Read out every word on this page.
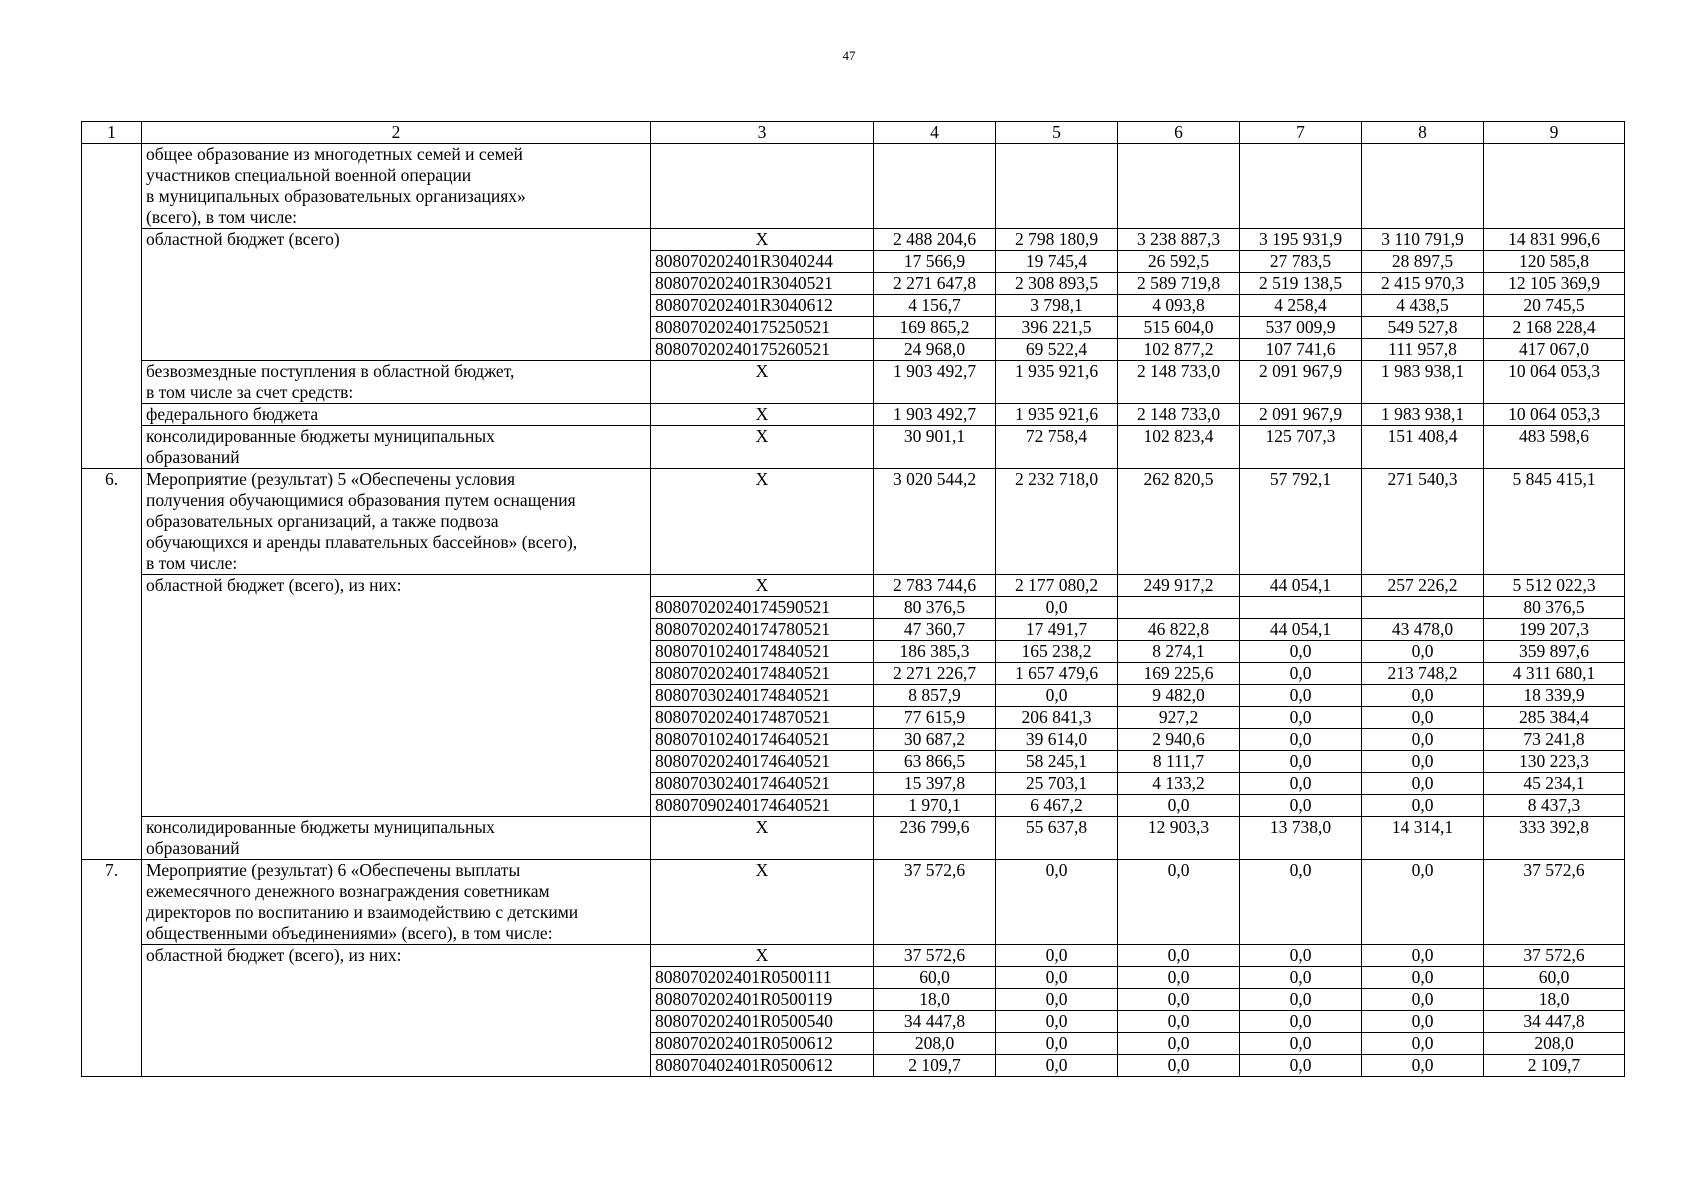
47
1	2	3	4	5	6	7	8	9

	общее образование из многодетных семей и семей
участников специальной военной операции
в муниципальных образовательных организациях»
(всего), в том числе:							

	областной бюджет (всего)	X	2 488 204,6	2 798 180,9	3 238 887,3	3 195 931,9	3 110 791,9	14 831 996,6
		808070202401R3040244	17 566,9	19 745,4	26 592,5	27 783,5	28 897,5	120 585,8
		808070202401R3040521	2 271 647,8	2 308 893,5	2 589 719,8	2 519 138,5	2 415 970,3	12 105 369,9
		808070202401R3040612	4 156,7	3 798,1	4 093,8	4 258,4	4 438,5	20 745,5
		80807020240175250521	169 865,2	396 221,5	515 604,0	537 009,9	549 527,8	2 168 228,4
		80807020240175260521	24 968,0	69 522,4	102 877,2	107 741,6	111 957,8	417 067,0

	безвозмездные поступления в областной бюджет,
в том числе за счет средств:	X	1 903 492,7	1 935 921,6	2 148 733,0	2 091 967,9	1 983 938,1	10 064 053,3

	федерального бюджета	X	1 903 492,7	1 935 921,6	2 148 733,0	2 091 967,9	1 983 938,1	10 064 053,3

	консолидированные бюджеты муниципальных
образований	X	30 901,1	72 758,4	102 823,4	125 707,3	151 408,4	483 598,6
6.	Мероприятие (результат) 5 «Обеспечены условия
получения обучающимися образования путем оснащения
образовательных организаций, а также подвоза
обучающихся и аренды плавательных бассейнов» (всего),
в том числе:	X	3 020 544,2	2 232 718,0	262 820,5	57 792,1	271 540,3	5 845 415,1

	областной бюджет (всего), из них:	X	2 783 744,6	2 177 080,2	249 917,2	44 054,1	257 226,2	5 512 022,3
		80807020240174590521	80 376,5	0,0				80 376,5
		80807020240174780521	47 360,7	17 491,7	46 822,8	44 054,1	43 478,0	199 207,3
		80807010240174840521	186 385,3	165 238,2	8 274,1	0,0	0,0	359 897,6
		80807020240174840521	2 271 226,7	1 657 479,6	169 225,6	0,0	213 748,2	4 311 680,1
		80807030240174840521	8 857,9	0,0	9 482,0	0,0	0,0	18 339,9
		80807020240174870521	77 615,9	206 841,3	927,2	0,0	0,0	285 384,4
		80807010240174640521	30 687,2	39 614,0	2 940,6	0,0	0,0	73 241,8
		80807020240174640521	63 866,5	58 245,1	8 111,7	0,0	0,0	130 223,3
		80807030240174640521	15 397,8	25 703,1	4 133,2	0,0	0,0	45 234,1
		80807090240174640521	1 970,1	6 467,2	0,0	0,0	0,0	8 437,3

	консолидированные бюджеты муниципальных
образований	X	236 799,6	55 637,8	12 903,3	13 738,0	14 314,1	333 392,8
7.	Мероприятие (результат) 6 «Обеспечены выплаты
ежемесячного денежного вознаграждения советникам
директоров по воспитанию и взаимодействию с детскими
общественными объединениями» (всего), в том числе:	X	37 572,6	0,0	0,0	0,0	0,0	37 572,6

	областной бюджет (всего), из них:	X	37 572,6	0,0	0,0	0,0	0,0	37 572,6
		808070202401R0500111	60,0	0,0	0,0	0,0	0,0	60,0
		808070202401R0500119	18,0	0,0	0,0	0,0	0,0	18,0
		808070202401R0500540	34 447,8	0,0	0,0	0,0	0,0	34 447,8
		808070202401R0500612	208,0	0,0	0,0	0,0	0,0	208,0
		808070402401R0500612	2 109,7	0,0	0,0	0,0	0,0	2 109,7
